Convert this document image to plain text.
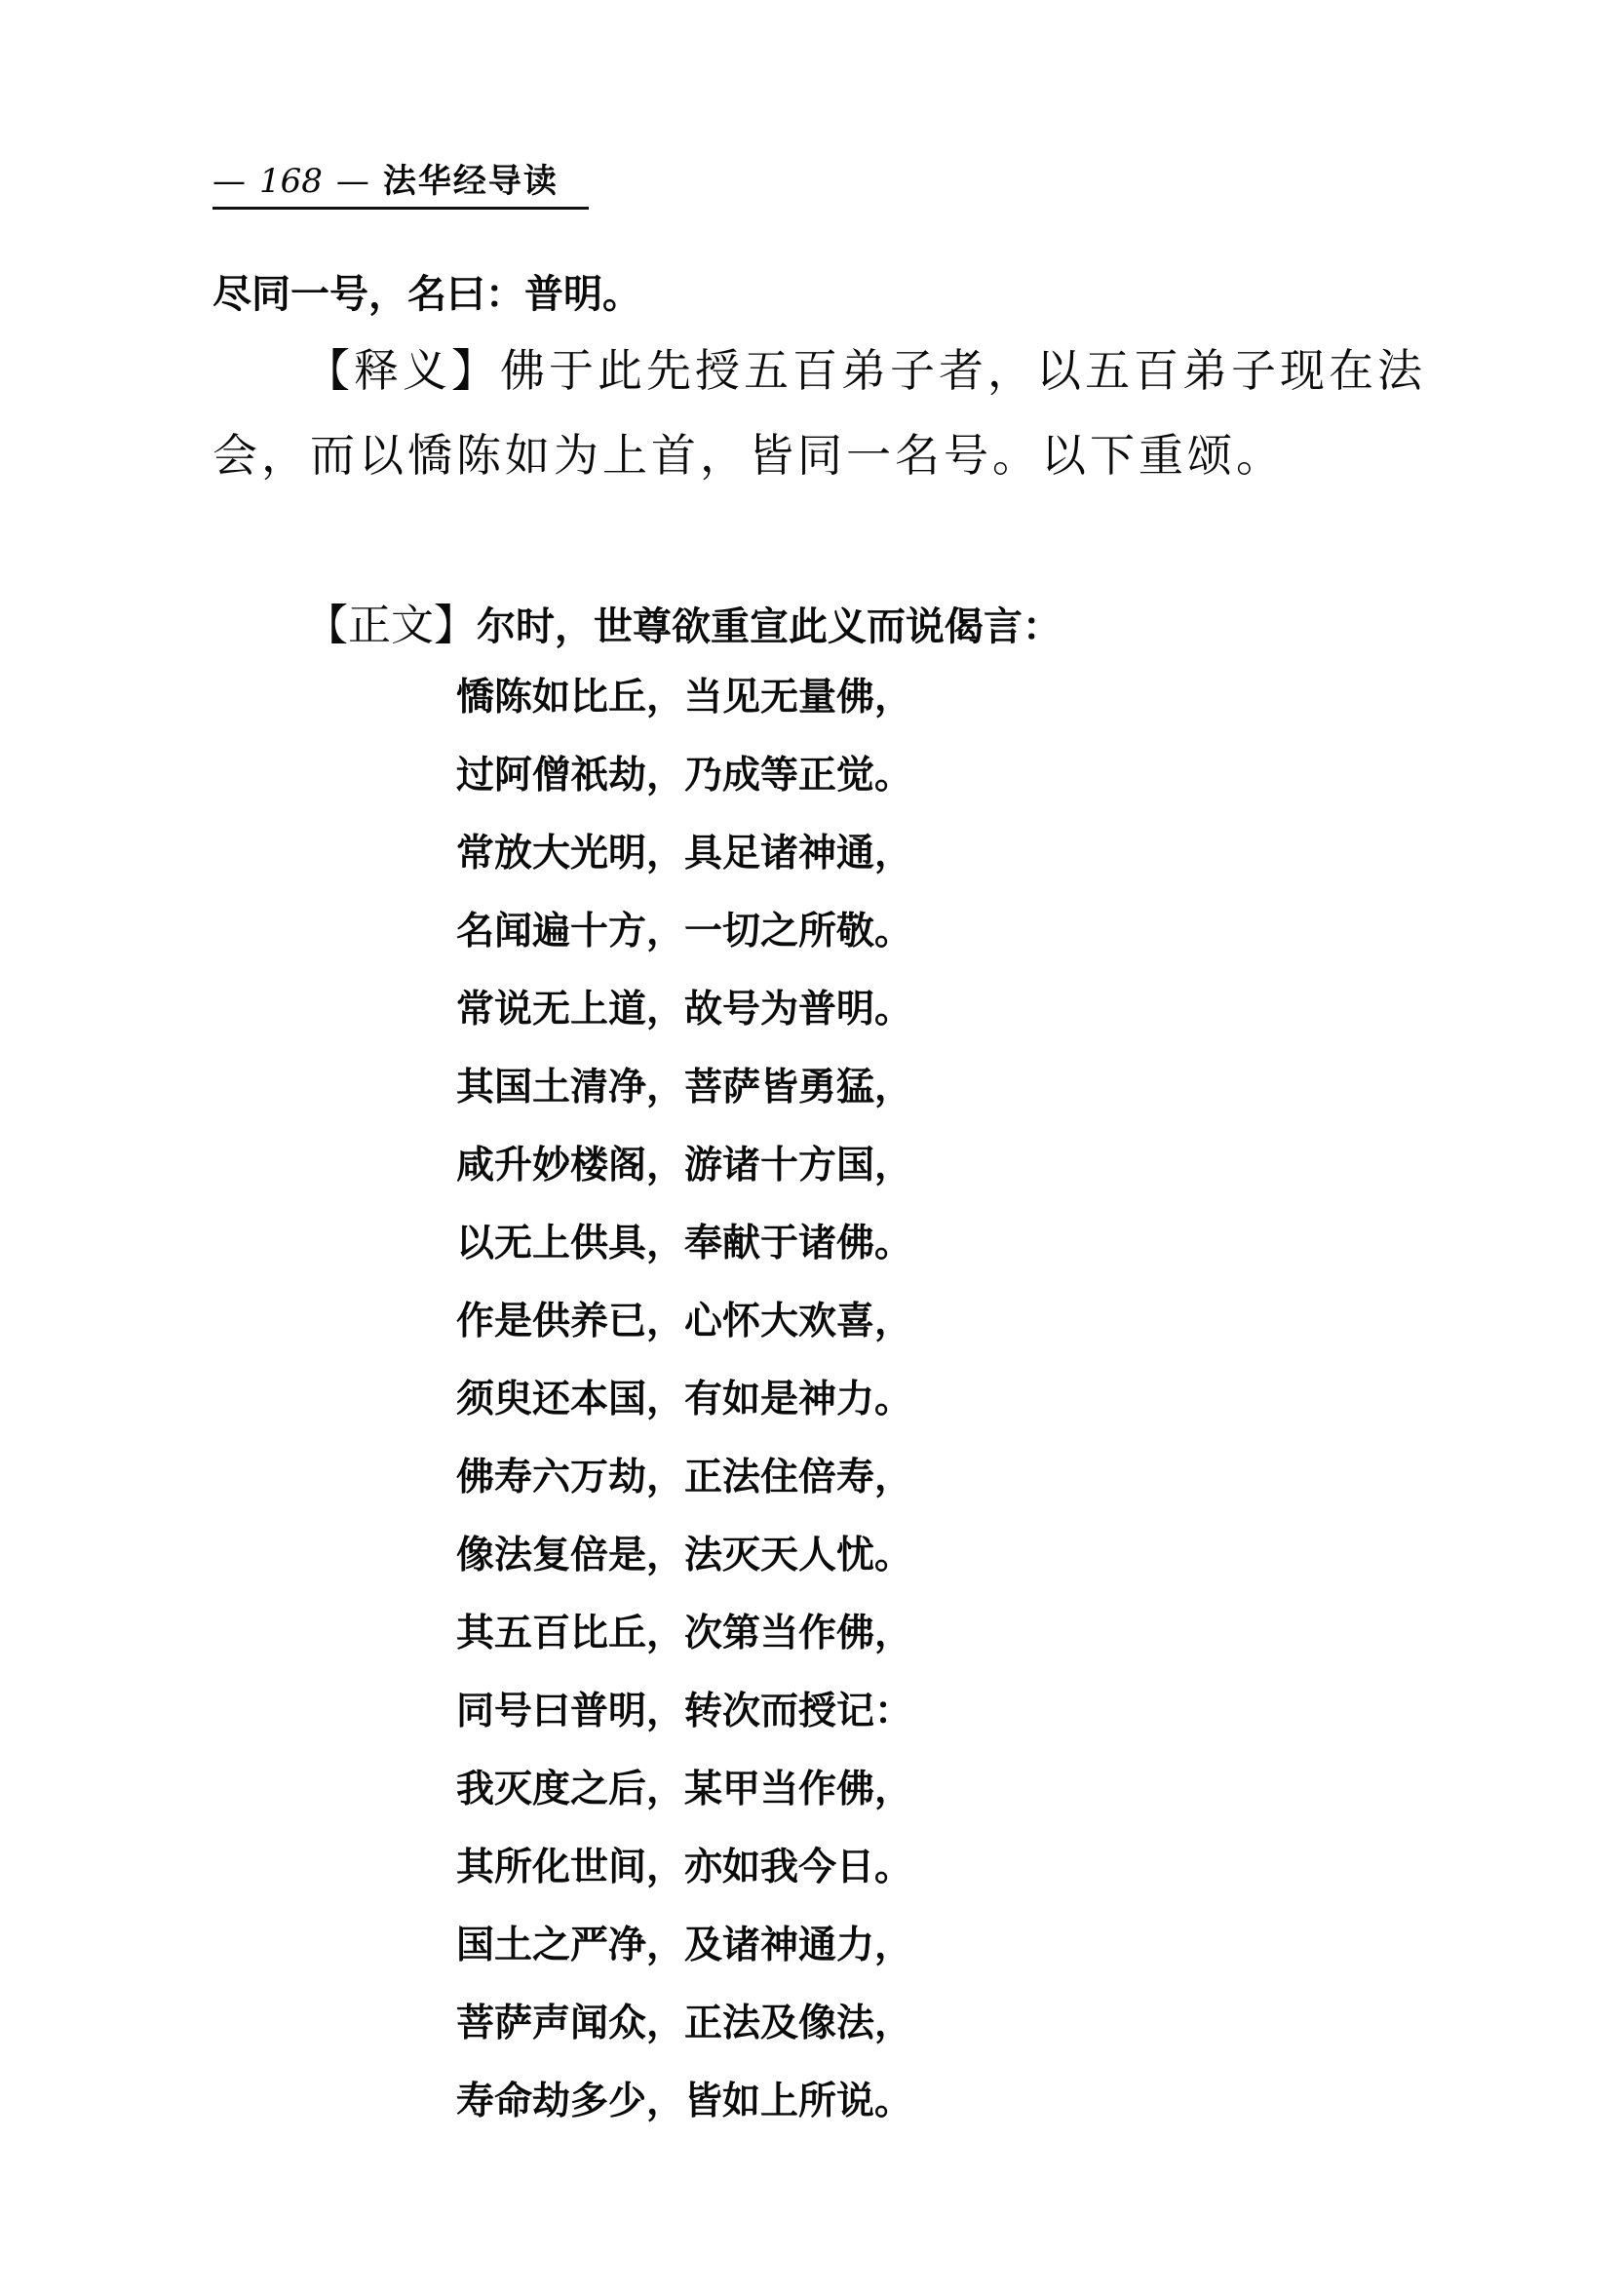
— 168 — 法华经导读
尽同一号，名曰：普明。
【释义】佛于此先授五百弟子者，以五百弟子现在法
会，而以憍陈如为上首，皆同一名号。以下重颂。
【正文】尔时，世尊欲重宣此义而说偈言：
憍陈如比丘，当见无量佛，
过阿僧祇劫，乃成等正觉。
常放大光明，具足诸神通，
名闻遍十方，一切之所敬。
常说无上道，故号为普明。
其国土清净，菩萨皆勇猛，
咸升妙楼阁，游诸十方国，
以无上供具，奉献于诸佛。
作是供养已，心怀大欢喜，
须臾还本国，有如是神力。
佛寿六万劫，正法住倍寿，
像法复倍是，法灭天人忧。
其五百比丘，次第当作佛，
同号曰普明，转次而授记：
我灭度之后，某甲当作佛，
其所化世间，亦如我今日。
国土之严净，及诸神通力，
菩萨声闻众，正法及像法，
寿命劫多少，皆如上所说。
